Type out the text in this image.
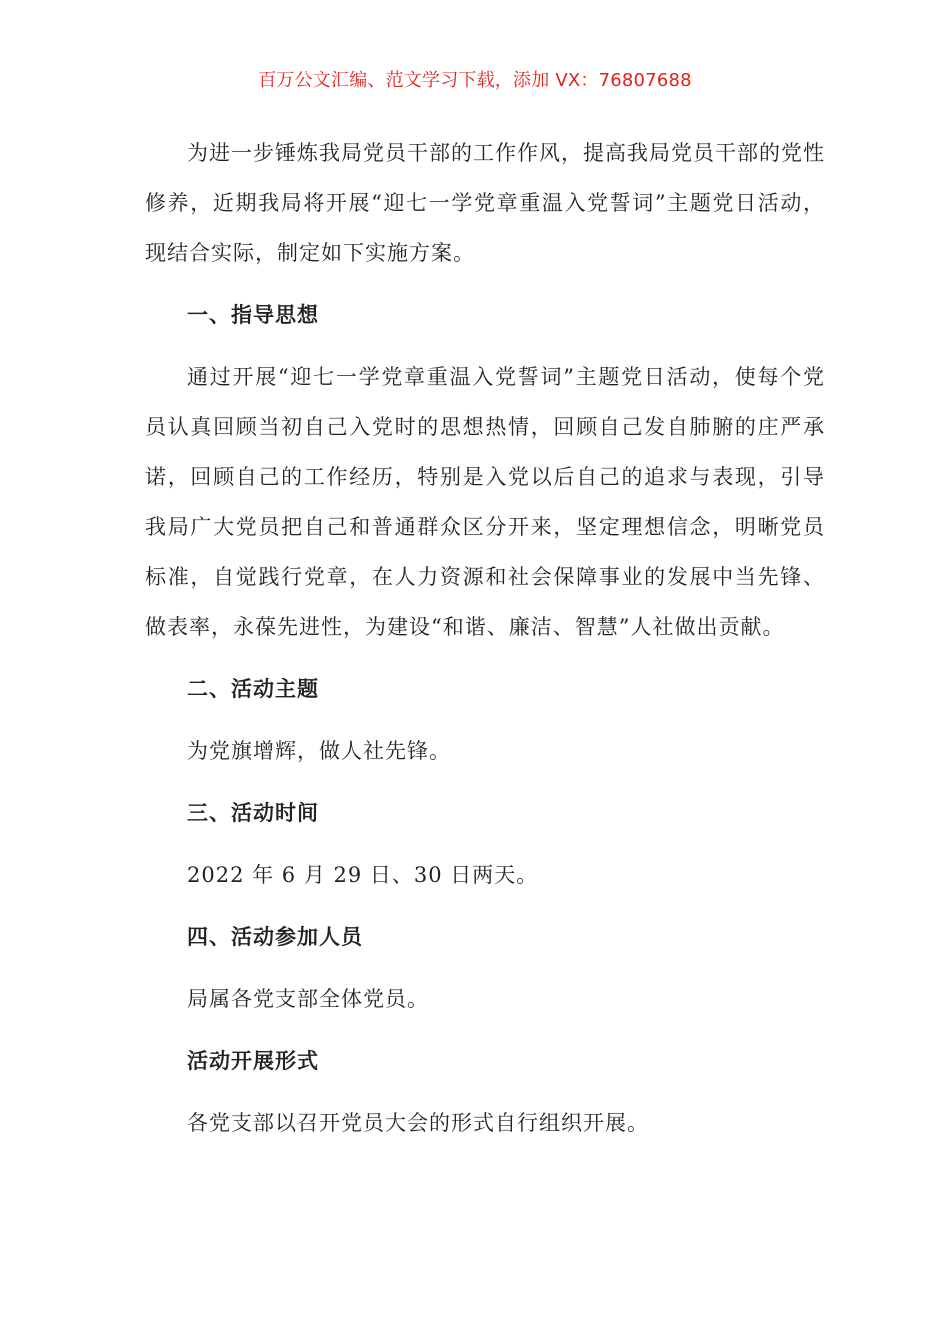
百万公文汇编、范文学习下载，添加 VX：76807688

为进一步锤炼我局党员干部的工作作风，提高我局党员干部的党性修养，近期我局将开展“迎七一学党章重温入党誓词”主题党日活动，现结合实际，制定如下实施方案。

一、指导思想

通过开展“迎七一学党章重温入党誓词”主题党日活动，使每个党员认真回顾当初自己入党时的思想热情，回顾自己发自肺腑的庄严承诺，回顾自己的工作经历，特别是入党以后自己的追求与表现，引导我局广大党员把自己和普通群众区分开来，坚定理想信念，明晰党员标准，自觉践行党章，在人力资源和社会保障事业的发展中当先锋、做表率，永葆先进性，为建设“和谐、廉洁、智慧”人社做出贡献。

二、活动主题

为党旗增辉，做人社先锋。

三、活动时间

2022 年 6 月 29 日、30 日两天。

四、活动参加人员

局属各党支部全体党员。

活动开展形式

各党支部以召开党员大会的形式自行组织开展。
